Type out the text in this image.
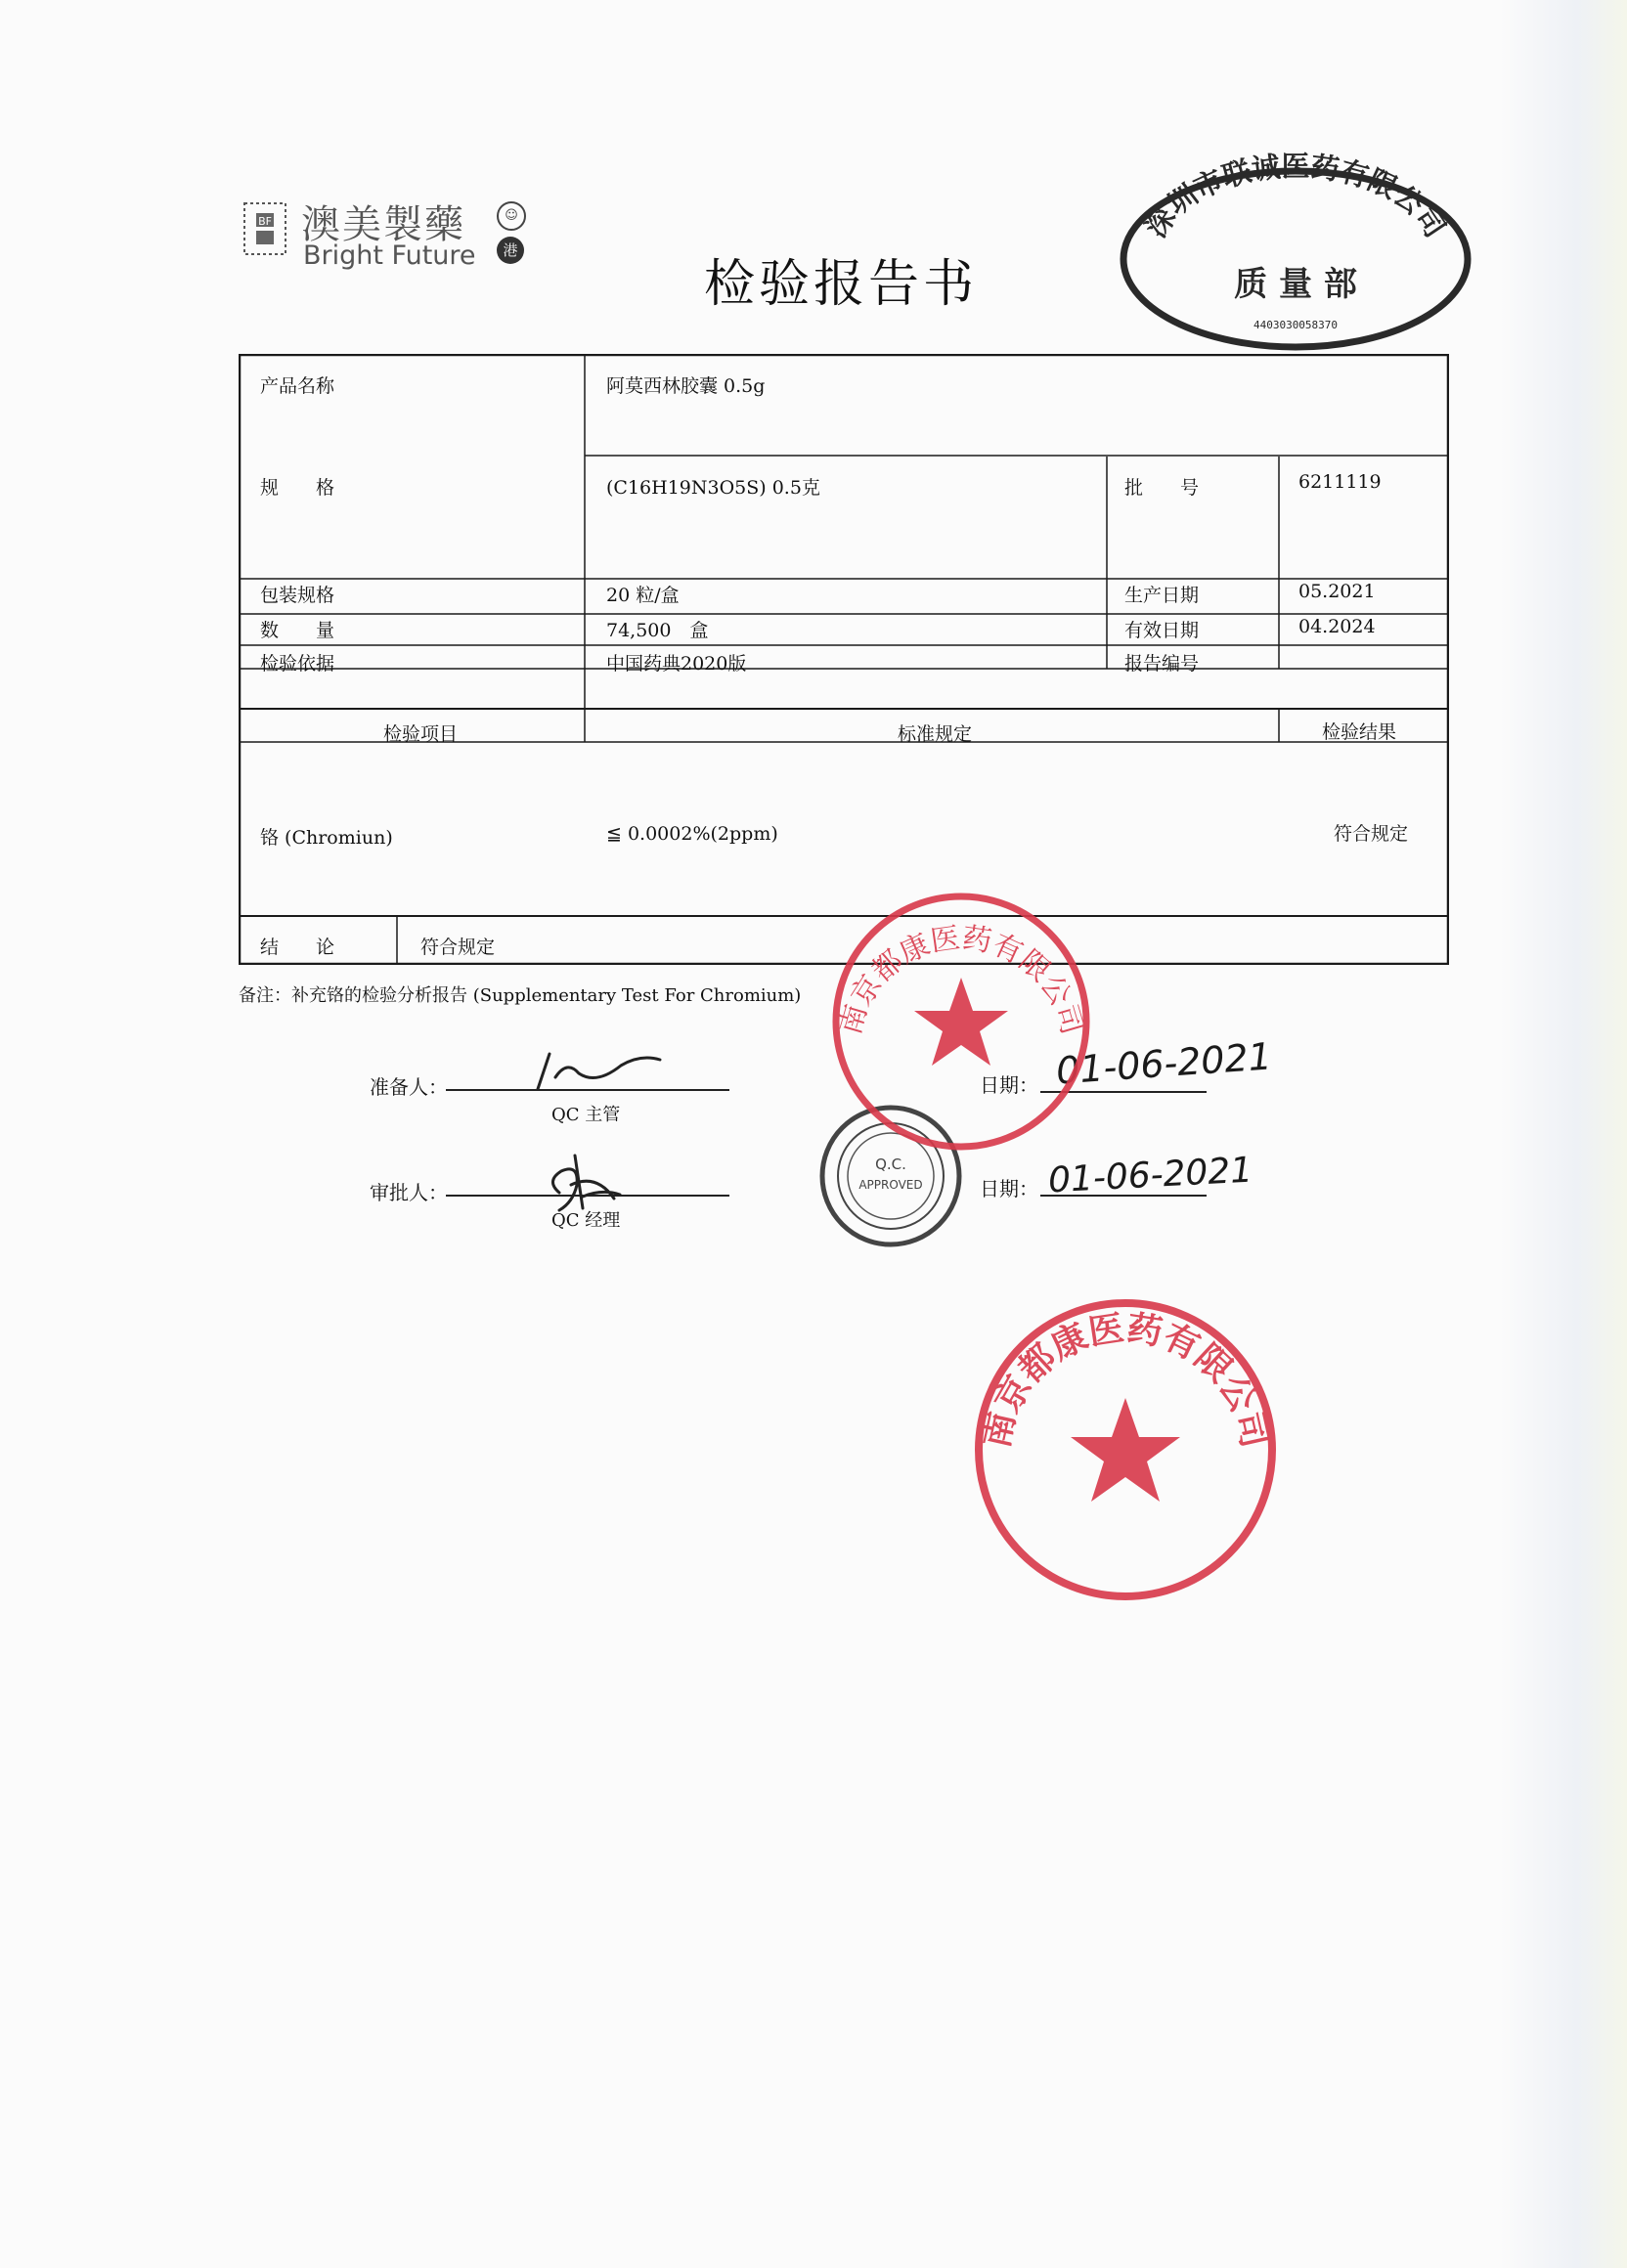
BF 澳美製藥
Bright Future
☺
港
检验报告书
深圳市联诚医药有限公司
质 量 部
4403030058370
产品名称	阿莫西林胶囊 0.5g
规　　格	(C16H19N3O5S) 0.5克	批　　号	6211119
包装规格	20 粒/盒	生产日期	05.2021
数　　量	74,500　盒	有效日期	04.2024
检验依据	中国药典2020版	报告编号
检验项目	标准规定	检验结果
铬 (Chromiun)	≦ 0.0002%(2ppm)	符合规定
结　　论	符合规定
备注：补充铬的检验分析报告 (Supplementary Test For Chromium)
准备人：
QC 主管
审批人：
QC 经理
日期： 01-06-2021
日期： 01-06-2021
Q.C.
APPROVED
南京都康医药有限公司
南京都康医药有限公司
